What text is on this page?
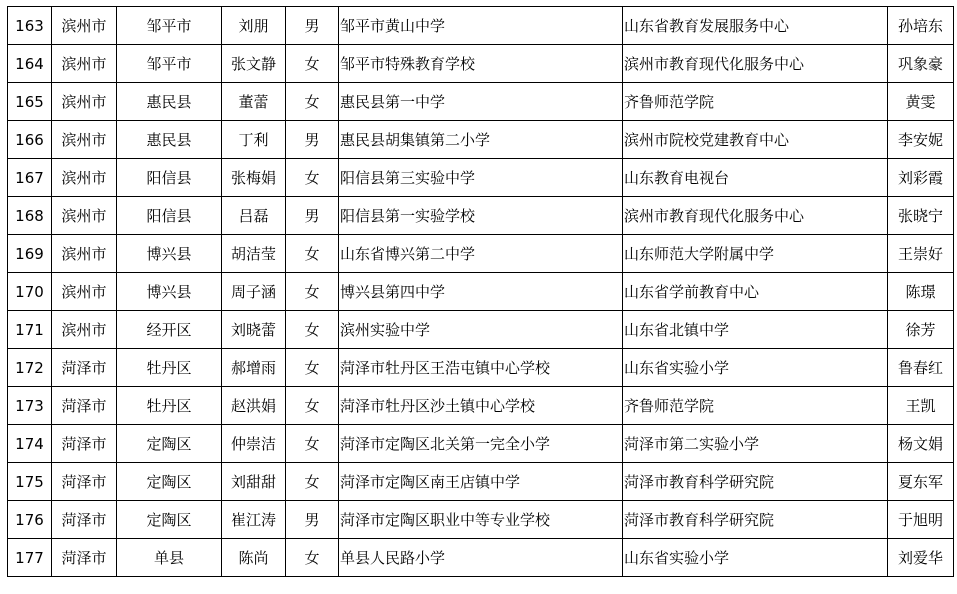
163	滨州市	邹平市	刘朋	男	邹平市黄山中学	山东省教育发展服务中心	孙培东
164	滨州市	邹平市	张文静	女	邹平市特殊教育学校	滨州市教育现代化服务中心	巩象豪
165	滨州市	惠民县	董蕾	女	惠民县第一中学	齐鲁师范学院	黄雯
166	滨州市	惠民县	丁利	男	惠民县胡集镇第二小学	滨州市院校党建教育中心	李安妮
167	滨州市	阳信县	张梅娟	女	阳信县第三实验中学	山东教育电视台	刘彩霞
168	滨州市	阳信县	吕磊	男	阳信县第一实验学校	滨州市教育现代化服务中心	张晓宁
169	滨州市	博兴县	胡洁莹	女	山东省博兴第二中学	山东师范大学附属中学	王崇好
170	滨州市	博兴县	周子涵	女	博兴县第四中学	山东省学前教育中心	陈璟
171	滨州市	经开区	刘晓蕾	女	滨州实验中学	山东省北镇中学	徐芳
172	菏泽市	牡丹区	郝增雨	女	菏泽市牡丹区王浩屯镇中心学校	山东省实验小学	鲁春红
173	菏泽市	牡丹区	赵洪娟	女	菏泽市牡丹区沙土镇中心学校	齐鲁师范学院	王凯
174	菏泽市	定陶区	仲崇洁	女	菏泽市定陶区北关第一完全小学	菏泽市第二实验小学	杨文娟
175	菏泽市	定陶区	刘甜甜	女	菏泽市定陶区南王店镇中学	菏泽市教育科学研究院	夏东军
176	菏泽市	定陶区	崔江涛	男	菏泽市定陶区职业中等专业学校	菏泽市教育科学研究院	于旭明
177	菏泽市	单县	陈尚	女	单县人民路小学	山东省实验小学	刘爱华
